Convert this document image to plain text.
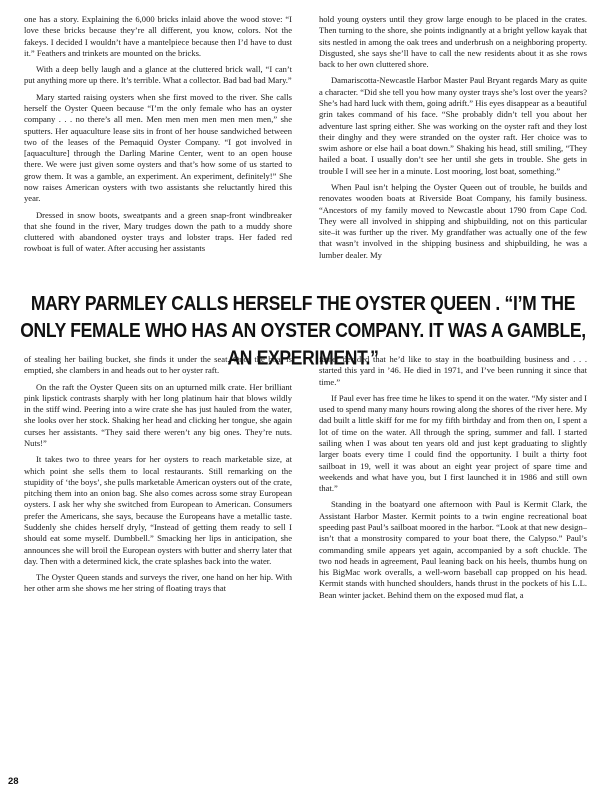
one has a story. Explaining the 6,000 bricks inlaid above the wood stove: “I love these bricks because they’re all different, you know, colors. Not the fakeys. I decided I wouldn’t have a mantelpiece because then I’d have to dust it.” Feathers and trinkets are mounted on the bricks.

With a deep belly laugh and a glance at the cluttered brick wall, “I can’t put anything more up there. It’s terrible. What a collector. Bad bad bad Mary.”

Mary started raising oysters when she first moved to the river. She calls herself the Oyster Queen because “I’m the only female who has an oyster company . . . no there’s all men. Men men men men men men men,” she sputters. Her aquaculture lease sits in front of her house sandwiched between two of the leases of the Pemaquid Oyster Company. “I got involved in [aquaculture] through the Darling Marine Center, went to an open house there. We were just given some oysters and that’s how some of us started to grow them. It was a gamble, an experiment. An experiment, definitely!” She now raises American oysters with two assistants she reluctantly hired this year.

Dressed in snow boots, sweatpants and a green snap-front windbreaker that she found in the river, Mary trudges down the path to a muddy shore cluttered with abandoned oyster trays and lobster traps. Her faded red rowboat is full of water. After accusing her assistants

hold young oysters until they grow large enough to be placed in the crates. Then turning to the shore, she points indignantly at a bright yellow kayak that sits nestled in among the oak trees and underbrush on a neighboring property. Disgusted, she says she’ll have to call the new residents about it as she rows back to her own cluttered shore.

Damariscotta-Newcastle Harbor Master Paul Bryant regards Mary as quite a character. “Did she tell you how many oyster trays she’s lost over the years? She’s had hard luck with them, going adrift.” His eyes disappear as a beautiful grin takes command of his face. “She probably didn’t tell you about her adventure last spring either. She was working on the oyster raft and they lost their dinghy and they were stranded on the oyster raft. Her choice was to swim ashore or else hail a boat down.” Shaking his head, still smiling, “They hailed a boat. I usually don’t see her until she gets in trouble. She gets in trouble I will see her in a minute. Lost mooring, lost boat, something.”

When Paul isn’t helping the Oyster Queen out of trouble, he builds and renovates wooden boats at Riverside Boat Company, his family business. “Ancestors of my family moved to Newcastle about 1790 from Cape Cod. They were all involved in shipping and shipbuilding, not on this particular site–it was further up the river. My grandfather was actually one of the few that wasn’t involved in the shipping business and shipbuilding, he was a lumber dealer. My

MARY PARMLEY CALLS HERSELF THE OYSTER QUEEN . “I’M THE ONLY FEMALE WHO HAS AN OYSTER COMPANY. IT WAS A GAMBLE, AN EXPERIMENT.”

of stealing her bailing bucket, she finds it under the seat. Once the boat is emptied, she clambers in and heads out to her oyster raft.

On the raft the Oyster Queen sits on an upturned milk crate. Her brilliant pink lipstick contrasts sharply with her long platinum hair that blows wildly in the stiff wind. Peering into a wire crate she has just hauled from the water, she looks over her stock. Shaking her head and clicking her tongue, she again curses her assistants. “They said there weren’t any big ones. They’re nuts. Nuts!”

It takes two to three years for her oysters to reach marketable size, at which point she sells them to local restaurants. Still remarking on the stupidity of ‘the boys’, she pulls marketable American oysters out of the crate, pitching them into an onion bag. She also comes across some stray European oysters. I ask her why she switched from European to American. Consumers prefer the Americans, she says, because the Europeans have a metallic taste. Suddenly she chides herself dryly, “Instead of getting them ready to sell I should eat some myself. Dumbbell.” Smacking her lips in anticipation, she announces she will broil the European oysters with butter and sherry later that day. Then with a determined kick, the crate splashes back into the water.

The Oyster Queen stands and surveys the river, one hand on her hip. With her other arm she shows me her string of floating trays that

father decided that he’d like to stay in the boatbuilding business and . . . started this yard in ’46. He died in 1971, and I’ve been running it since that time.”

If Paul ever has free time he likes to spend it on the water. “My sister and I used to spend many many hours rowing along the shores of the river here. My dad built a little skiff for me for my fifth birthday and from then on, I spent a lot of time on the water. All through the spring, summer and fall. I started sailing when I was about ten years old and just kept graduating to slightly larger boats every time I could find the opportunity. I built a thirty foot sailboat in 19, well it was about an eight year project of spare time and weekends and what have you, but I first launched it in 1986 and still own that.”

Standing in the boatyard one afternoon with Paul is Kermit Clark, the Assistant Harbor Master. Kermit points to a twin engine recreational boat speeding past Paul’s sailboat moored in the harbor. “Look at that new design–isn’t that a monstrosity compared to your boat there, the Calypso.” Paul’s commanding smile appears yet again, accompanied by a soft chuckle. The two nod heads in agreement, Paul leaning back on his heels, thumbs hung on his BigMac work overalls, a well-worn baseball cap propped on his head. Kermit stands with hunched shoulders, hands thrust in the pockets of his L.L. Bean winter jacket. Behind them on the exposed mud flat, a

28
